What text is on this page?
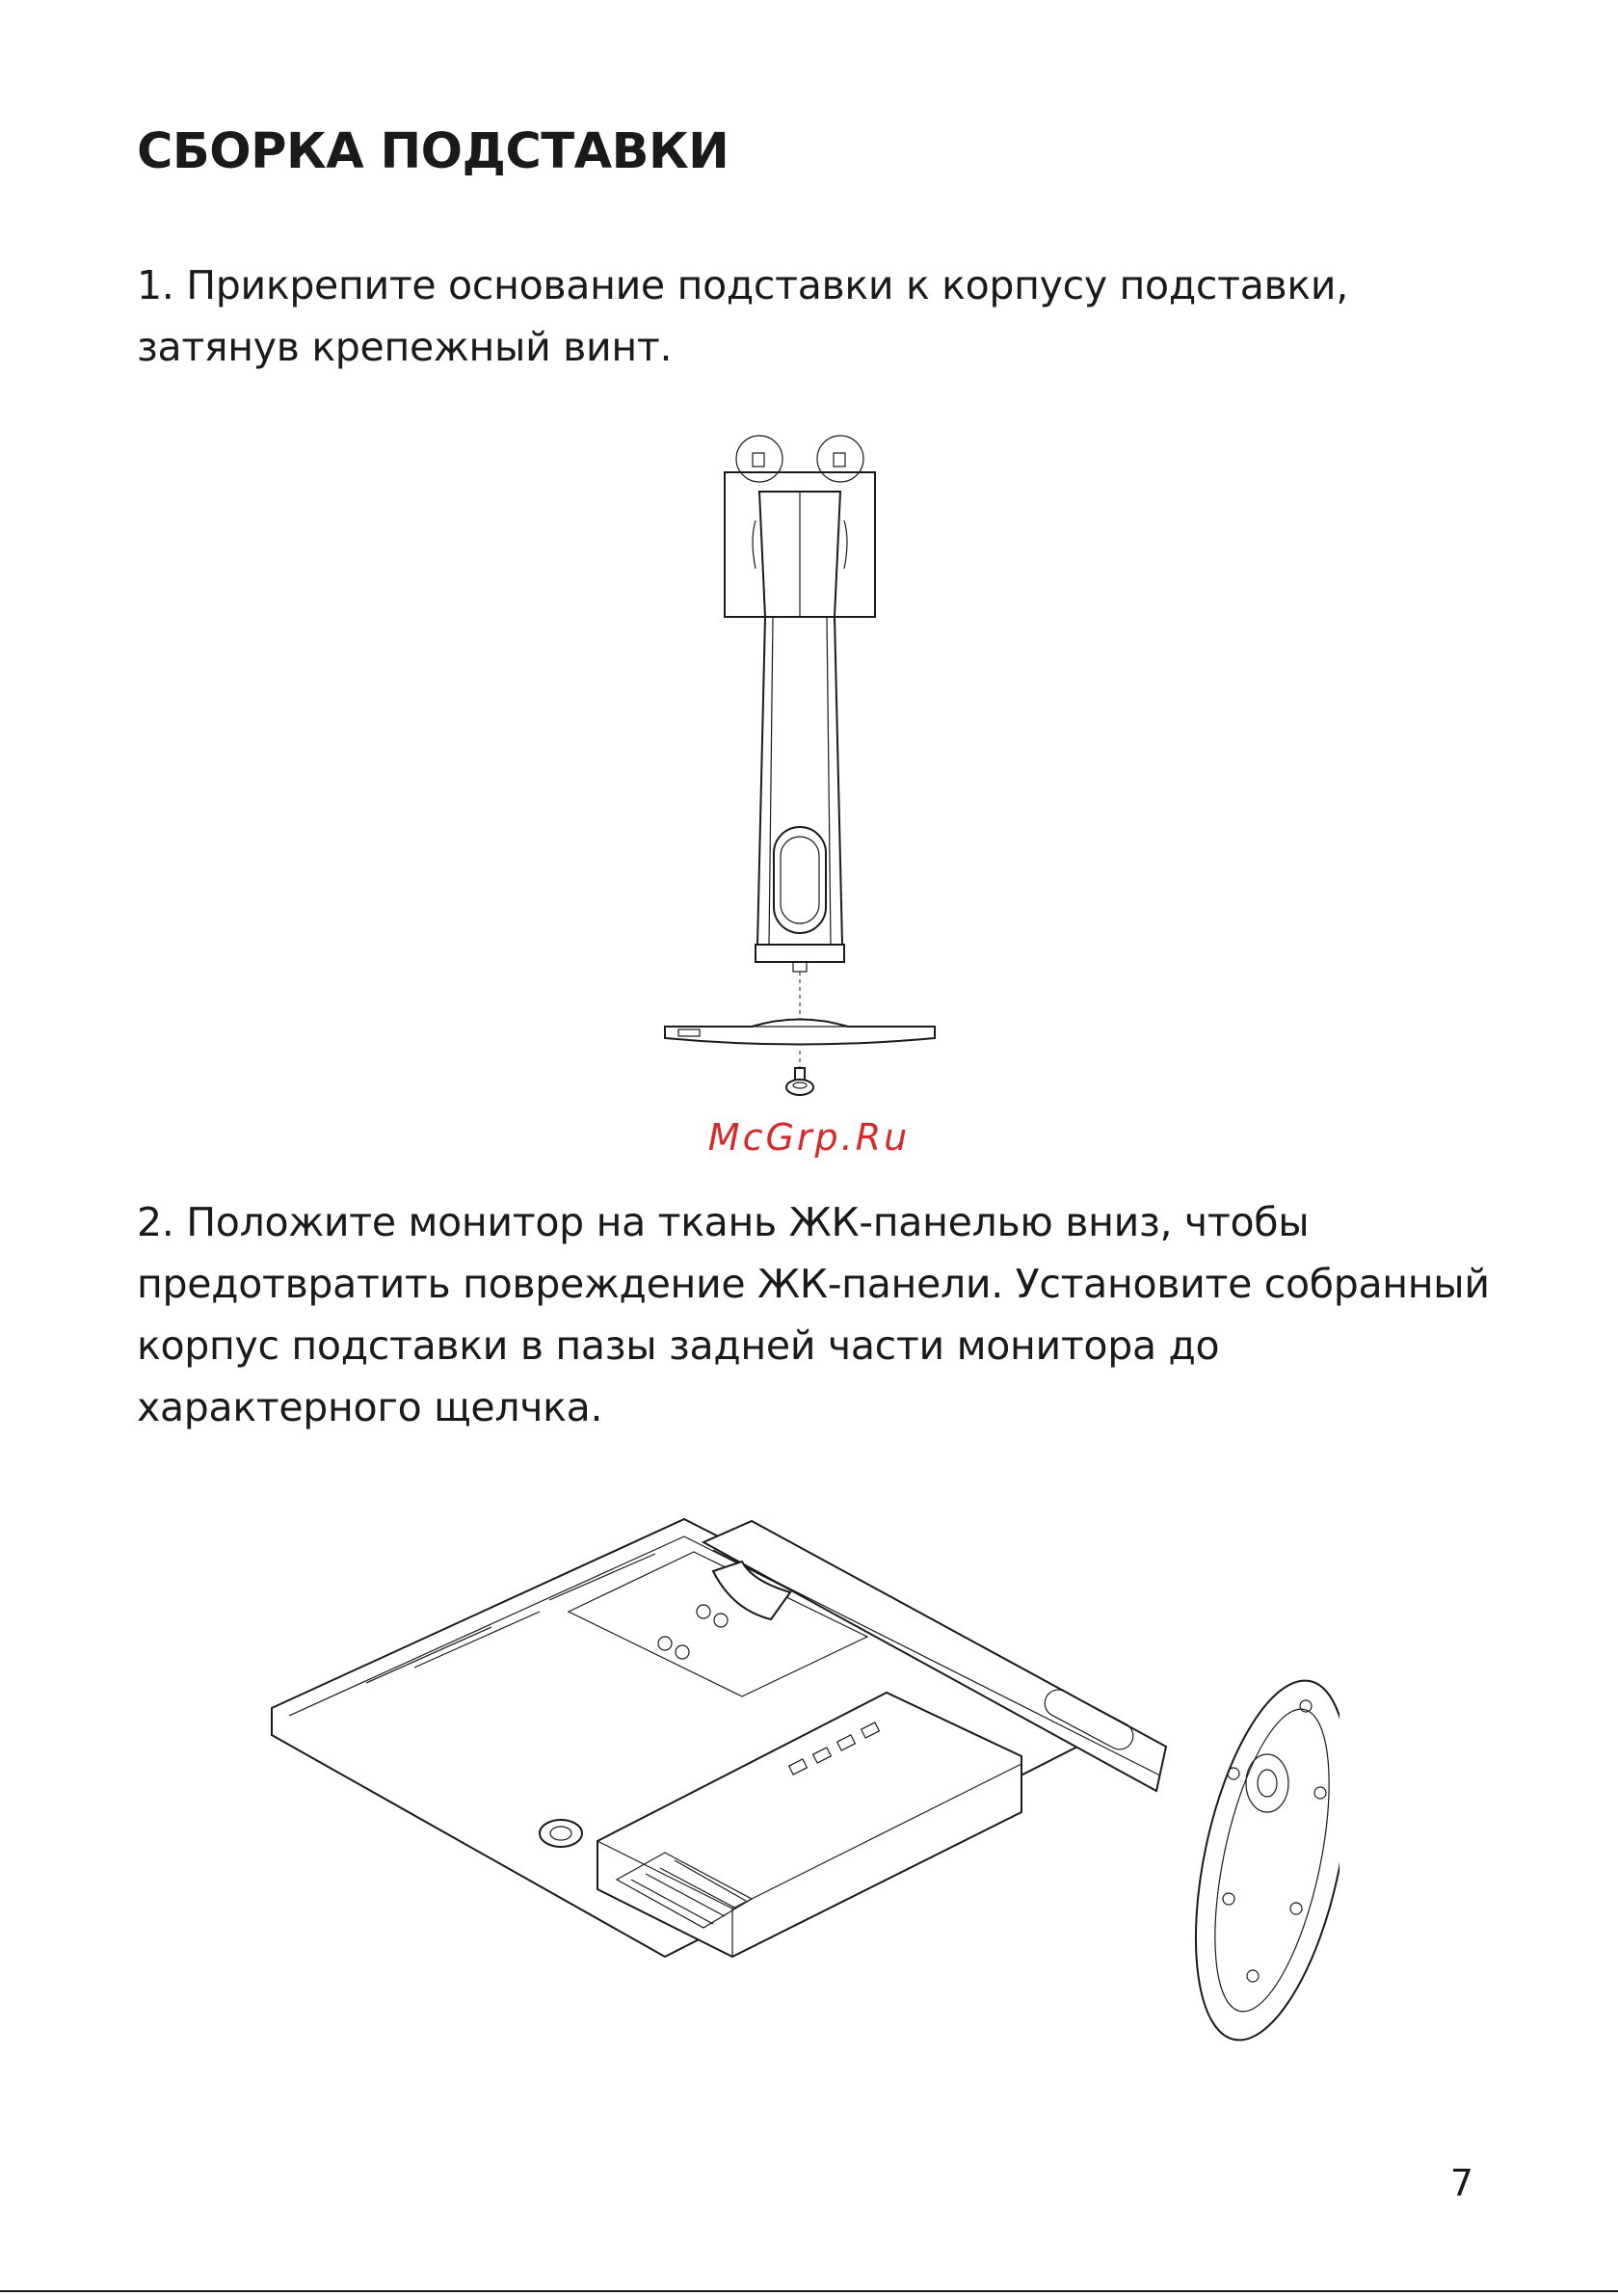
СБОРКА ПОДСТАВКИ

1. Прикрепите основание подставки к корпусу подставки, затянув крепежный винт.

McGrp.Ru

2. Положите монитор на ткань ЖК-панелью вниз, чтобы предотвратить повреждение ЖК-панели. Установите собранный корпус подставки в пазы задней части монитора до характерного щелчка.

7
